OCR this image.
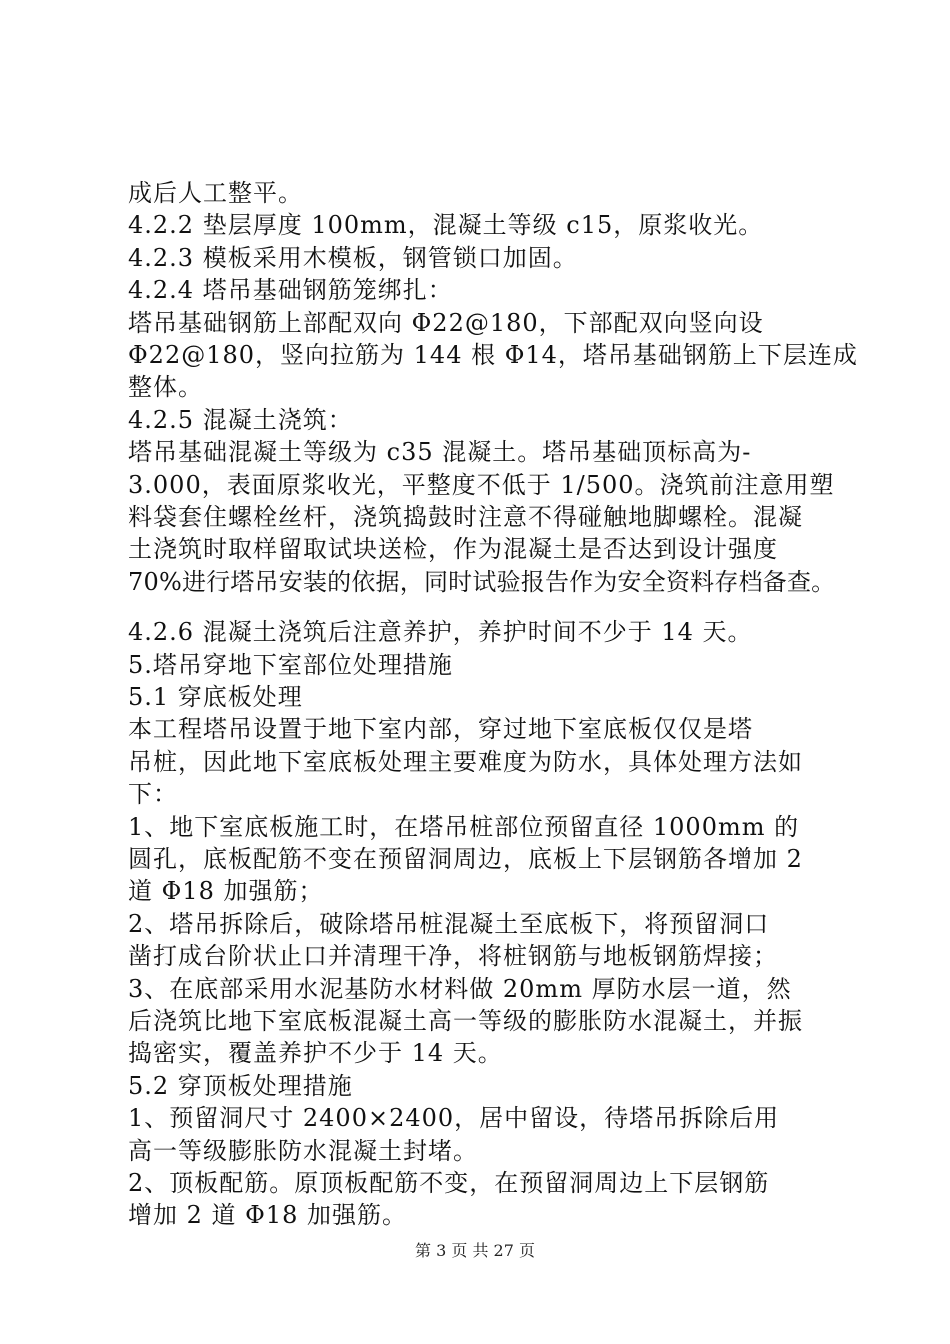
成后人工整平。
4.2.2 垫层厚度 100mm，混凝土等级 c15，原浆收光。
4.2.3 模板采用木模板，钢管锁口加固。
4.2.4 塔吊基础钢筋笼绑扎：
塔吊基础钢筋上部配双向 Φ22@180，下部配双向竖向设
Φ22@180，竖向拉筋为 144 根 Φ14，塔吊基础钢筋上下层连成
整体。
4.2.5 混凝土浇筑：
塔吊基础混凝土等级为 c35 混凝土。塔吊基础顶标高为-
3.000，表面原浆收光，平整度不低于 1/500。浇筑前注意用塑
料袋套住螺栓丝杆，浇筑捣鼓时注意不得碰触地脚螺栓。混凝
土浇筑时取样留取试块送检，作为混凝土是否达到设计强度
70%进行塔吊安装的依据，同时试验报告作为安全资料存档备查。
4.2.6 混凝土浇筑后注意养护，养护时间不少于 14 天。
5.塔吊穿地下室部位处理措施
5.1 穿底板处理
本工程塔吊设置于地下室内部，穿过地下室底板仅仅是塔
吊桩，因此地下室底板处理主要难度为防水，具体处理方法如
下：
1、地下室底板施工时，在塔吊桩部位预留直径 1000mm 的
圆孔，底板配筋不变在预留洞周边，底板上下层钢筋各增加 2
道 Φ18 加强筋；
2、塔吊拆除后，破除塔吊桩混凝土至底板下，将预留洞口
凿打成台阶状止口并清理干净，将桩钢筋与地板钢筋焊接；
3、在底部采用水泥基防水材料做 20mm 厚防水层一道，然
后浇筑比地下室底板混凝土高一等级的膨胀防水混凝土，并振
捣密实，覆盖养护不少于 14 天。
5.2 穿顶板处理措施
1、预留洞尺寸 2400×2400，居中留设，待塔吊拆除后用
高一等级膨胀防水混凝土封堵。
2、顶板配筋。原顶板配筋不变，在预留洞周边上下层钢筋
增加 2 道 Φ18 加强筋。
第 3 页 共 27 页
